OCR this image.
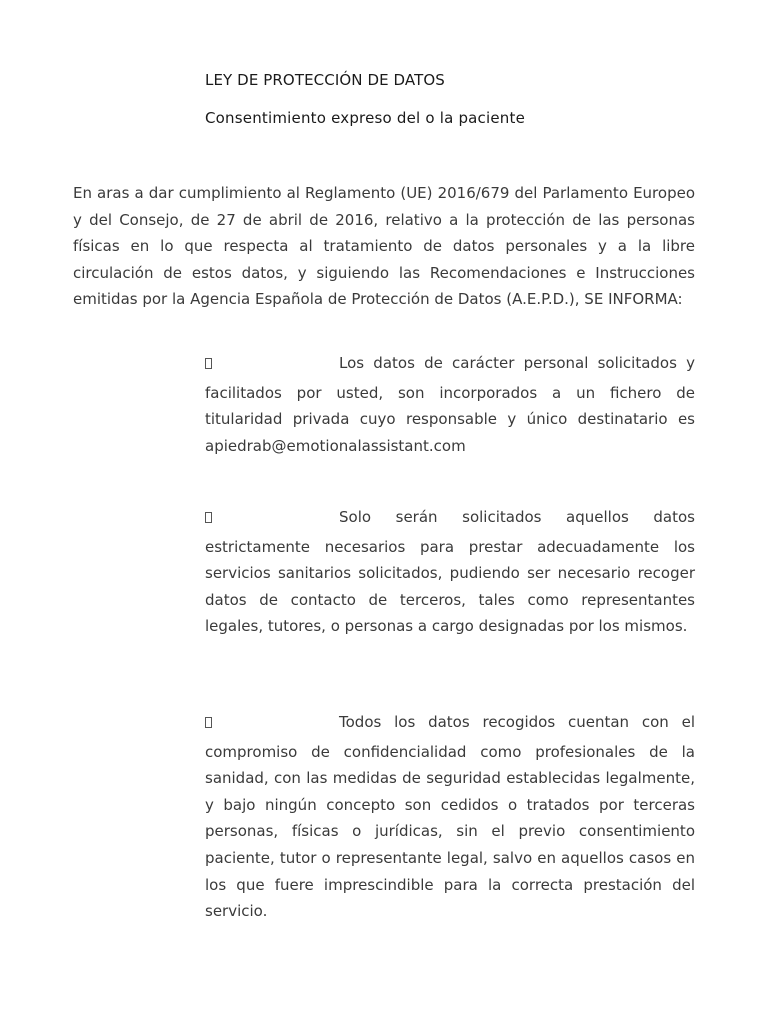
LEY DE PROTECCIÓN DE DATOS
Consentimiento expreso del o la paciente
En aras a dar cumplimiento al Reglamento (UE) 2016/679 del Parlamento Europeo y del Consejo, de 27 de abril de 2016, relativo a la protección de las personas físicas en lo que respecta al tratamiento de datos personales y a la libre circulación de estos datos, y siguiendo las Recomendaciones e Instrucciones emitidas por la Agencia Española de Protección de Datos (A.E.P.D.), SE INFORMA:
Los datos de carácter personal solicitados y facilitados por usted, son incorporados a un fichero de titularidad privada cuyo responsable y único destinatario es apiedrab@emotionalassistant.com
Solo serán solicitados aquellos datos estrictamente necesarios para prestar adecuadamente los servicios sanitarios solicitados, pudiendo ser necesario recoger datos de contacto de terceros, tales como representantes legales, tutores, o personas a cargo designadas por los mismos.
Todos los datos recogidos cuentan con el compromiso de confidencialidad como profesionales de la sanidad, con las medidas de seguridad establecidas legalmente, y bajo ningún concepto son cedidos o tratados por terceras personas, físicas o jurídicas, sin el previo consentimiento paciente, tutor o representante legal, salvo en aquellos casos en los que fuere imprescindible para la correcta prestación del servicio.
